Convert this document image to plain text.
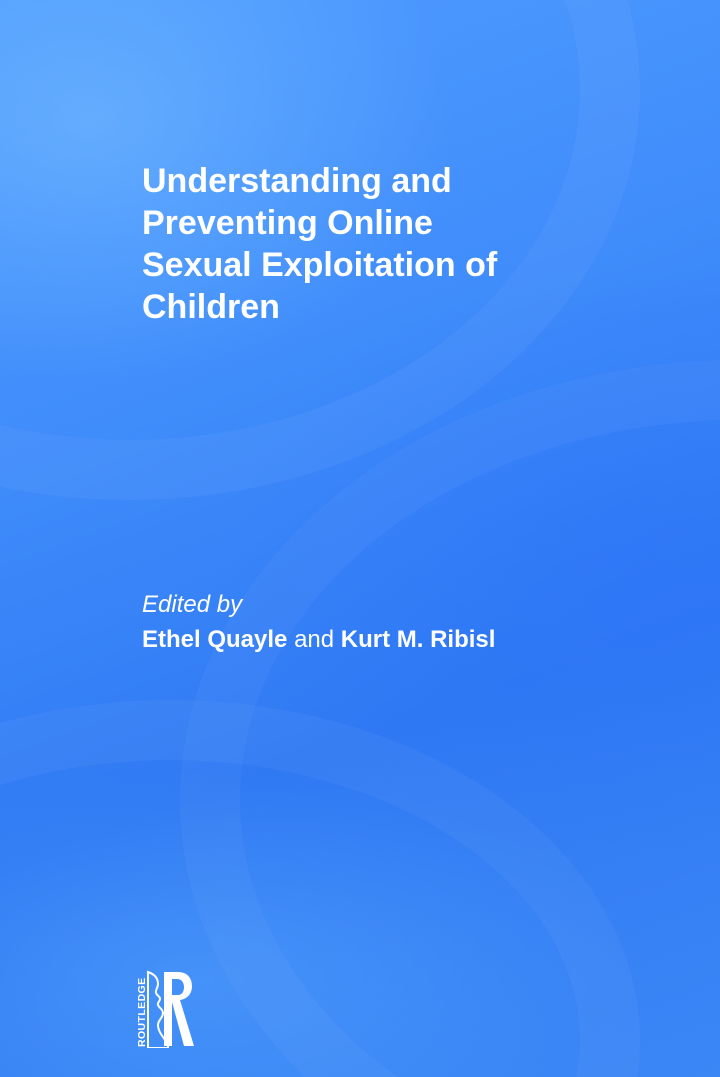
Understanding and
Preventing Online
Sexual Exploitation of
Children
Edited by
Ethel Quayle and Kurt M. Ribisl
ROUTLEDGE
